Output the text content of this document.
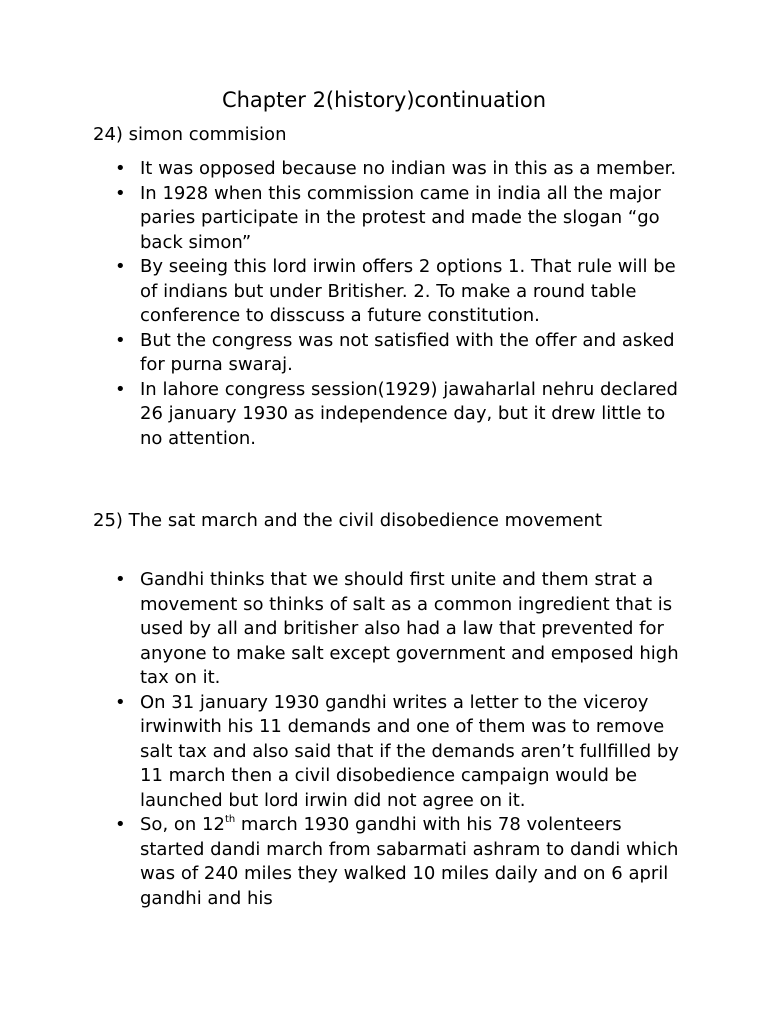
Chapter 2(history)continuation

24) simon commision

• It was opposed because no indian was in this as a member.
• In 1928 when this commission came in india all the major paries participate in the protest and made the slogan “go back simon”
• By seeing this lord irwin offers 2 options 1. That rule will be of indians but under Britisher. 2. To make a round table conference to disscuss a future constitution.
• But the congress was not satisfied with the offer and asked for purna swaraj.
• In lahore congress session(1929) jawaharlal nehru declared 26 january 1930 as independence day, but it drew little to no attention.

25) The sat march and the civil disobedience movement

• Gandhi thinks that we should first unite and them strat a movement so thinks of salt as a common ingredient that is used by all and britisher also had a law that prevented for anyone to make salt except government and emposed high tax on it.
• On 31 january 1930 gandhi writes a letter to the viceroy irwinwith his 11 demands and one of them was to remove salt tax and also said that if the demands aren’t fullfilled by 11 march then a civil disobedience campaign would be launched but lord irwin did not agree on it.
• So, on 12th march 1930 gandhi with his 78 volenteers started dandi march from sabarmati ashram to dandi which was of 240 miles they walked 10 miles daily and on 6 april gandhi and his
